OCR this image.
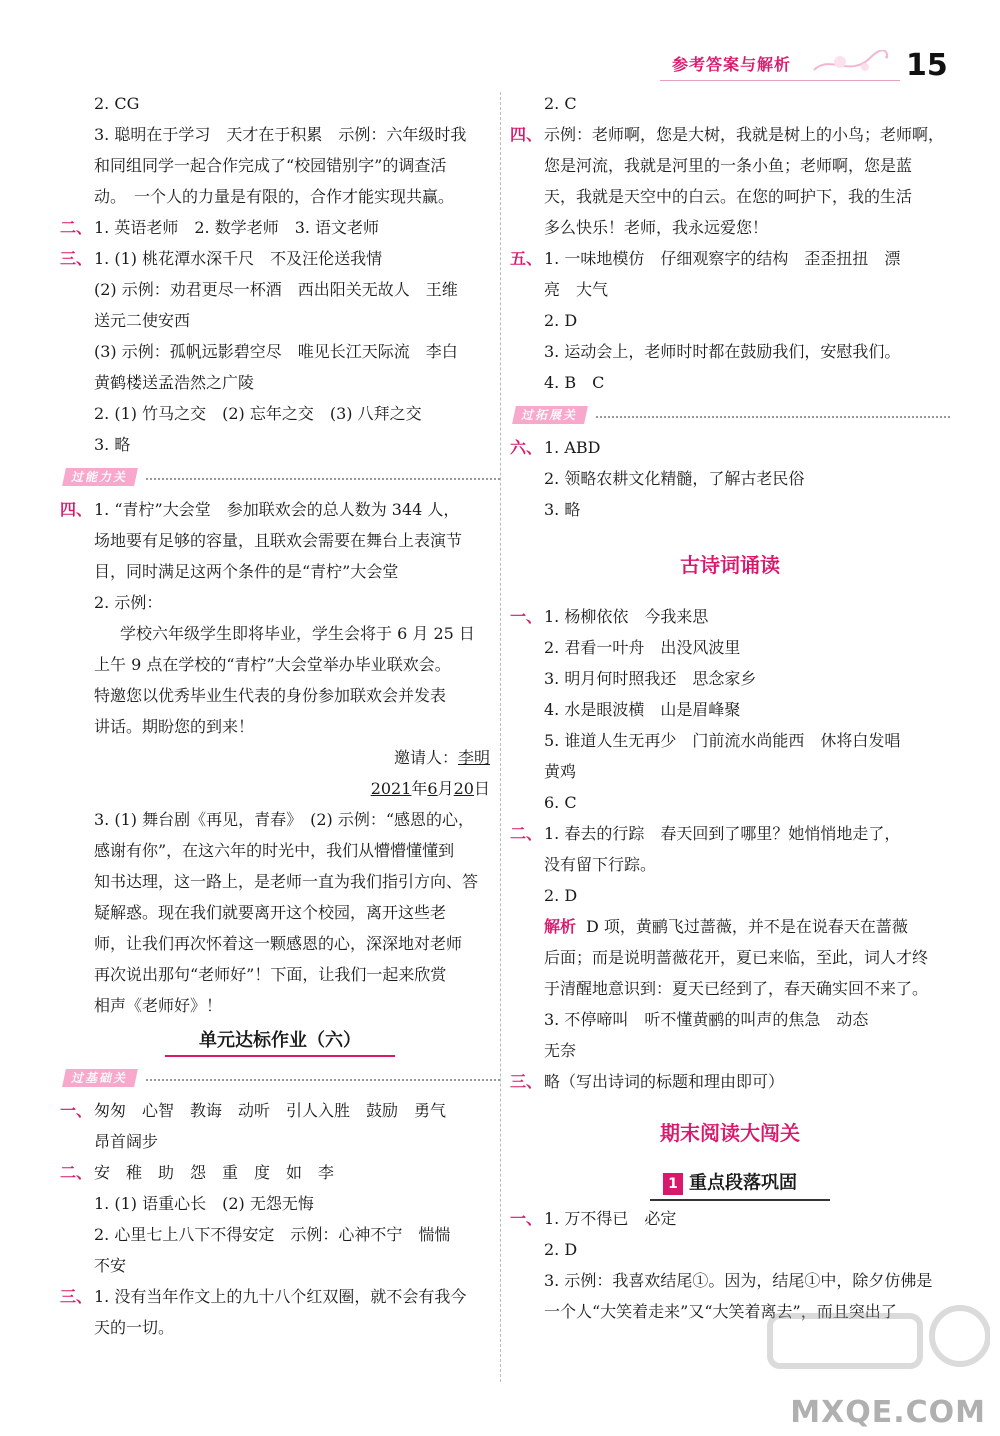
参考答案与解析	15
2. CG
3. 聪明在于学习　天才在于积累　示例：六年级时我
和同组同学一起合作完成了“校园错别字”的调查活
动。　一个人的力量是有限的，合作才能实现共赢。
二、 1. 英语老师　2. 数学老师　3. 语文老师
三、 1. (1) 桃花潭水深千尺　不及汪伦送我情
(2) 示例：劝君更尽一杯酒　西出阳关无故人　王维
送元二使安西
(3) 示例：孤帆远影碧空尽　唯见长江天际流　李白
黄鹤楼送孟浩然之广陵
2. (1) 竹马之交　(2) 忘年之交　(3) 八拜之交
3. 略
过能力关
四、 1. “青柠”大会堂　参加联欢会的总人数为 344 人，
场地要有足够的容量，且联欢会需要在舞台上表演节
目，同时满足这两个条件的是“青柠”大会堂
2. 示例：
学校六年级学生即将毕业，学生会将于 6 月 25 日
上午 9 点在学校的“青柠”大会堂举办毕业联欢会。
特邀您以优秀毕业生代表的身份参加联欢会并发表
讲话。期盼您的到来！
邀请人：李明
2021年6月20日
3. (1) 舞台剧《再见，青春》　(2) 示例：“感恩的心，
感谢有你”，在这六年的时光中，我们从懵懵懂懂到
知书达理，这一路上，是老师一直为我们指引方向、答
疑解惑。现在我们就要离开这个校园，离开这些老
师，让我们再次怀着这一颗感恩的心，深深地对老师
再次说出那句“老师好”！下面，让我们一起来欣赏
相声《老师好》！
单元达标作业（六）
过基础关
一、 匆匆　心智　教诲　动听　引人入胜　鼓励　勇气
昂首阔步
二、 安　稚　助　怨　重　度　如　李
1. (1) 语重心长　(2) 无怨无悔
2. 心里七上八下不得安定　示例：心神不宁　惴惴
不安
三、 1. 没有当年作文上的九十八个红双圈，就不会有我今
天的一切。
2. C
四、 示例：老师啊，您是大树，我就是树上的小鸟；老师啊，
您是河流，我就是河里的一条小鱼；老师啊，您是蓝
天，我就是天空中的白云。在您的呵护下，我的生活
多么快乐！老师，我永远爱您！
五、 1. 一味地模仿　仔细观察字的结构　歪歪扭扭　漂
亮　大气
2. D
3. 运动会上，老师时时都在鼓励我们，安慰我们。
4. B　C
过拓展关
六、 1. ABD
2. 领略农耕文化精髓，了解古老民俗
3. 略
古诗词诵读
一、 1. 杨柳依依　今我来思
2. 君看一叶舟　出没风波里
3. 明月何时照我还　思念家乡
4. 水是眼波横　山是眉峰聚
5. 谁道人生无再少　门前流水尚能西　休将白发唱
黄鸡
6. C
二、 1. 春去的行踪　春天回到了哪里？她悄悄地走了，
没有留下行踪。
2. D
解析 D 项，黄鹂飞过蔷薇，并不是在说春天在蔷薇
后面；而是说明蔷薇花开，夏已来临，至此，词人才终
于清醒地意识到：夏天已经到了，春天确实回不来了。
3. 不停啼叫　听不懂黄鹂的叫声的焦急　动态
无奈
三、 略（写出诗词的标题和理由即可）
期末阅读大闯关
1 重点段落巩固
一、 1. 万不得已　必定
2. D
3. 示例：我喜欢结尾①。因为，结尾①中，除夕仿佛是
一个人“大笑着走来”又“大笑着离去”，而且突出了
MXQE.COM
